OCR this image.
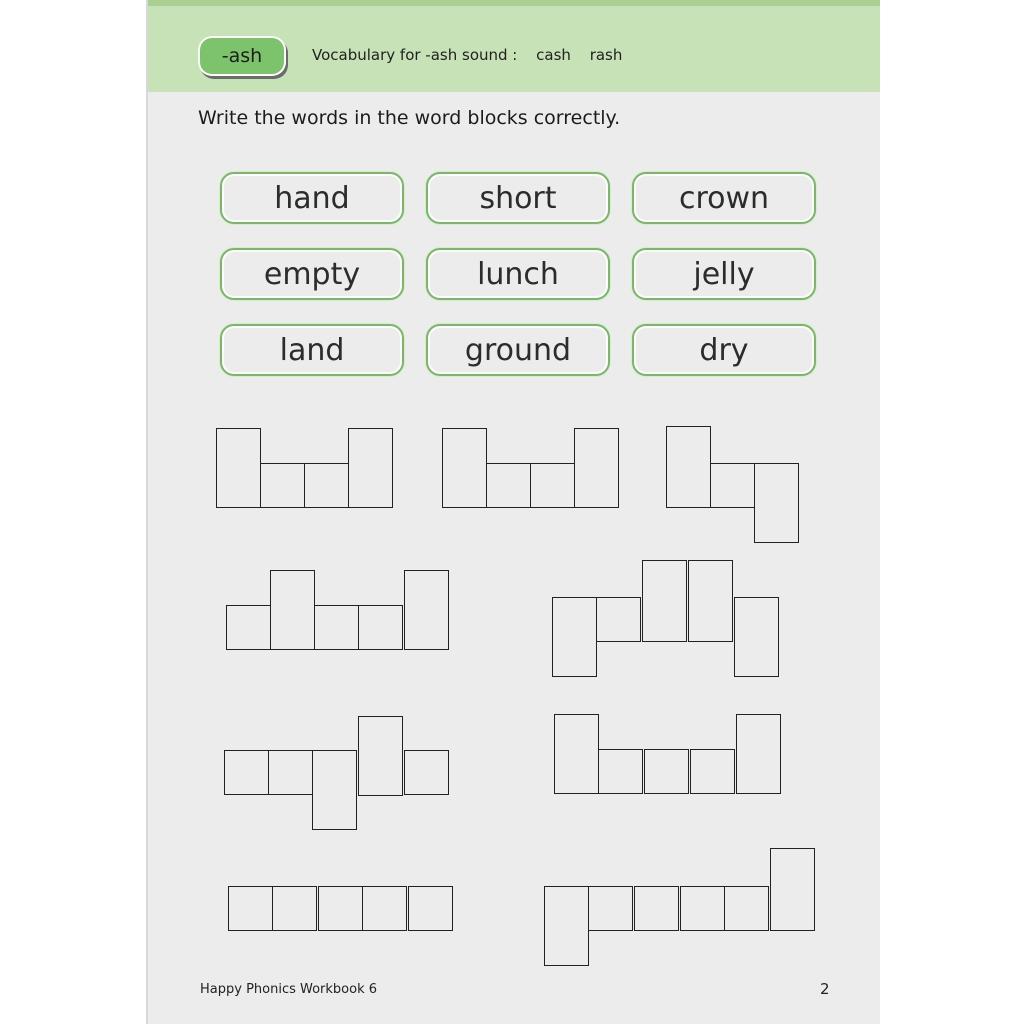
-ash	Vocabulary for -ash sound : cash rash
Write the words in the word blocks correctly.
hand	short	crown
empty	lunch	jelly
land	ground	dry
Happy Phonics Workbook 6	2
